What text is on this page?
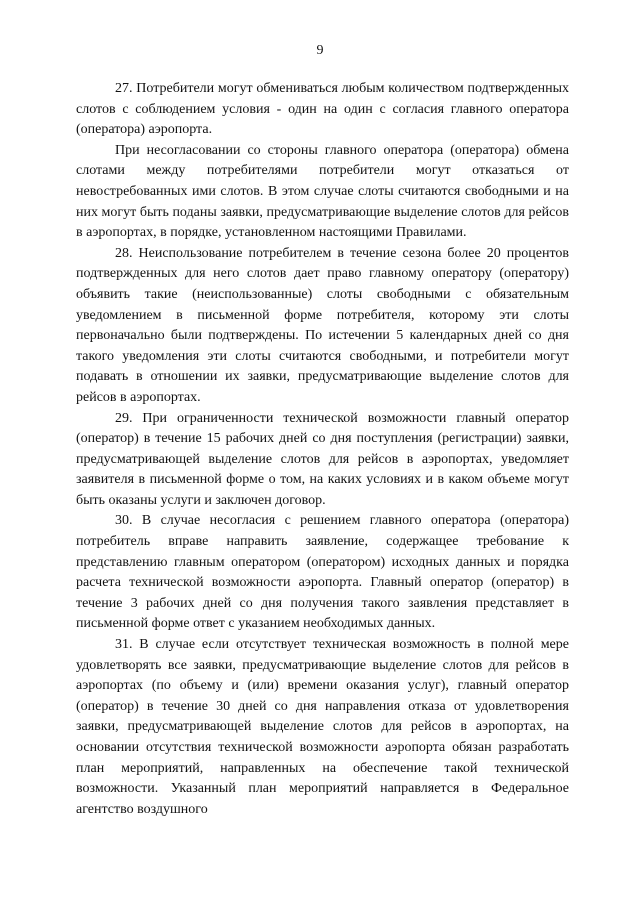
9

27. Потребители могут обмениваться любым количеством подтвержденных слотов с соблюдением условия - один на один с согласия главного оператора (оператора) аэропорта.

При несогласовании со стороны главного оператора (оператора) обмена слотами между потребителями потребители могут отказаться от невостребованных ими слотов. В этом случае слоты считаются свободными и на них могут быть поданы заявки, предусматривающие выделение слотов для рейсов в аэропортах, в порядке, установленном настоящими Правилами.

28. Неиспользование потребителем в течение сезона более 20 процентов подтвержденных для него слотов дает право главному оператору (оператору) объявить такие (неиспользованные) слоты свободными с обязательным уведомлением в письменной форме потребителя, которому эти слоты первоначально были подтверждены. По истечении 5 календарных дней со дня такого уведомления эти слоты считаются свободными, и потребители могут подавать в отношении их заявки, предусматривающие выделение слотов для рейсов в аэропортах.

29. При ограниченности технической возможности главный оператор (оператор) в течение 15 рабочих дней со дня поступления (регистрации) заявки, предусматривающей выделение слотов для рейсов в аэропортах, уведомляет заявителя в письменной форме о том, на каких условиях и в каком объеме могут быть оказаны услуги и заключен договор.

30. В случае несогласия с решением главного оператора (оператора) потребитель вправе направить заявление, содержащее требование к представлению главным оператором (оператором) исходных данных и порядка расчета технической возможности аэропорта. Главный оператор (оператор) в течение 3 рабочих дней со дня получения такого заявления представляет в письменной форме ответ с указанием необходимых данных.

31. В случае если отсутствует техническая возможность в полной мере удовлетворять все заявки, предусматривающие выделение слотов для рейсов в аэропортах (по объему и (или) времени оказания услуг), главный оператор (оператор) в течение 30 дней со дня направления отказа от удовлетворения заявки, предусматривающей выделение слотов для рейсов в аэропортах, на основании отсутствия технической возможности аэропорта обязан разработать план мероприятий, направленных на обеспечение такой технической возможности. Указанный план мероприятий направляется в Федеральное агентство воздушного
